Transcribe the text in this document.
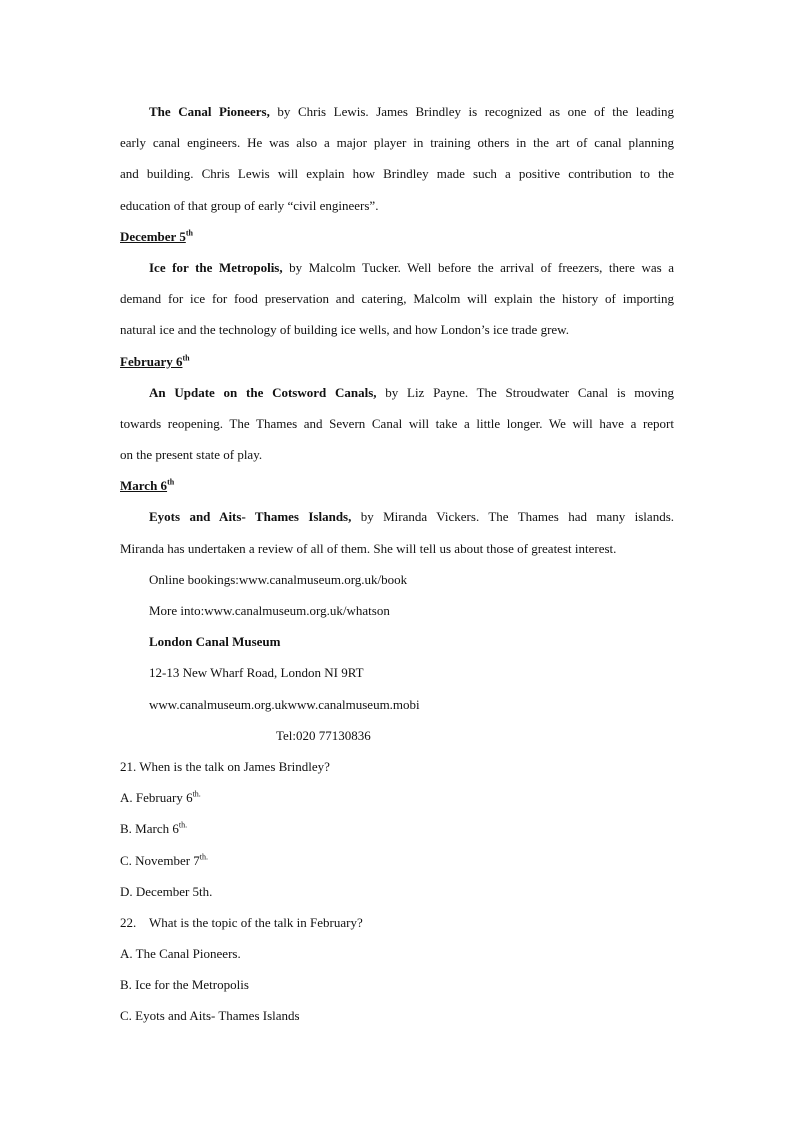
The Canal Pioneers, by Chris Lewis. James Brindley is recognized as one of the leading
early canal engineers. He was also a major player in training others in the art of canal planning
and building. Chris Lewis will explain how Brindley made such a positive contribution to the
education of that group of early “civil engineers”.
December 5th
Ice for the Metropolis, by Malcolm Tucker. Well before the arrival of freezers, there was a
demand for ice for food preservation and catering, Malcolm will explain the history of importing
natural ice and the technology of building ice wells, and how London’s ice trade grew.
February 6th
An Update on the Cotsword Canals, by Liz Payne. The Stroudwater Canal is moving
towards reopening. The Thames and Severn Canal will take a little longer. We will have a report
on the present state of play.
March 6th
Eyots and Aits- Thames Islands, by Miranda Vickers. The Thames had many islands.
Miranda has undertaken a review of all of them. She will tell us about those of greatest interest.
Online bookings:www.canalmuseum.org.uk/book
More into:www.canalmuseum.org.uk/whatson
London Canal Museum
12-13 New Wharf Road, London NI 9RT
www.canalmuseum.org.ukwww.canalmuseum.mobi
Tel:020 77130836
21. When is the talk on James Brindley?
A. February $6^{th.}$
B. March $6^{th.}$
C. November $7^{th.}$
D. December 5th.
22.    What is the topic of the talk in February?
A. The Canal Pioneers.
B. Ice for the Metropolis
C. Eyots and Aits- Thames Islands
